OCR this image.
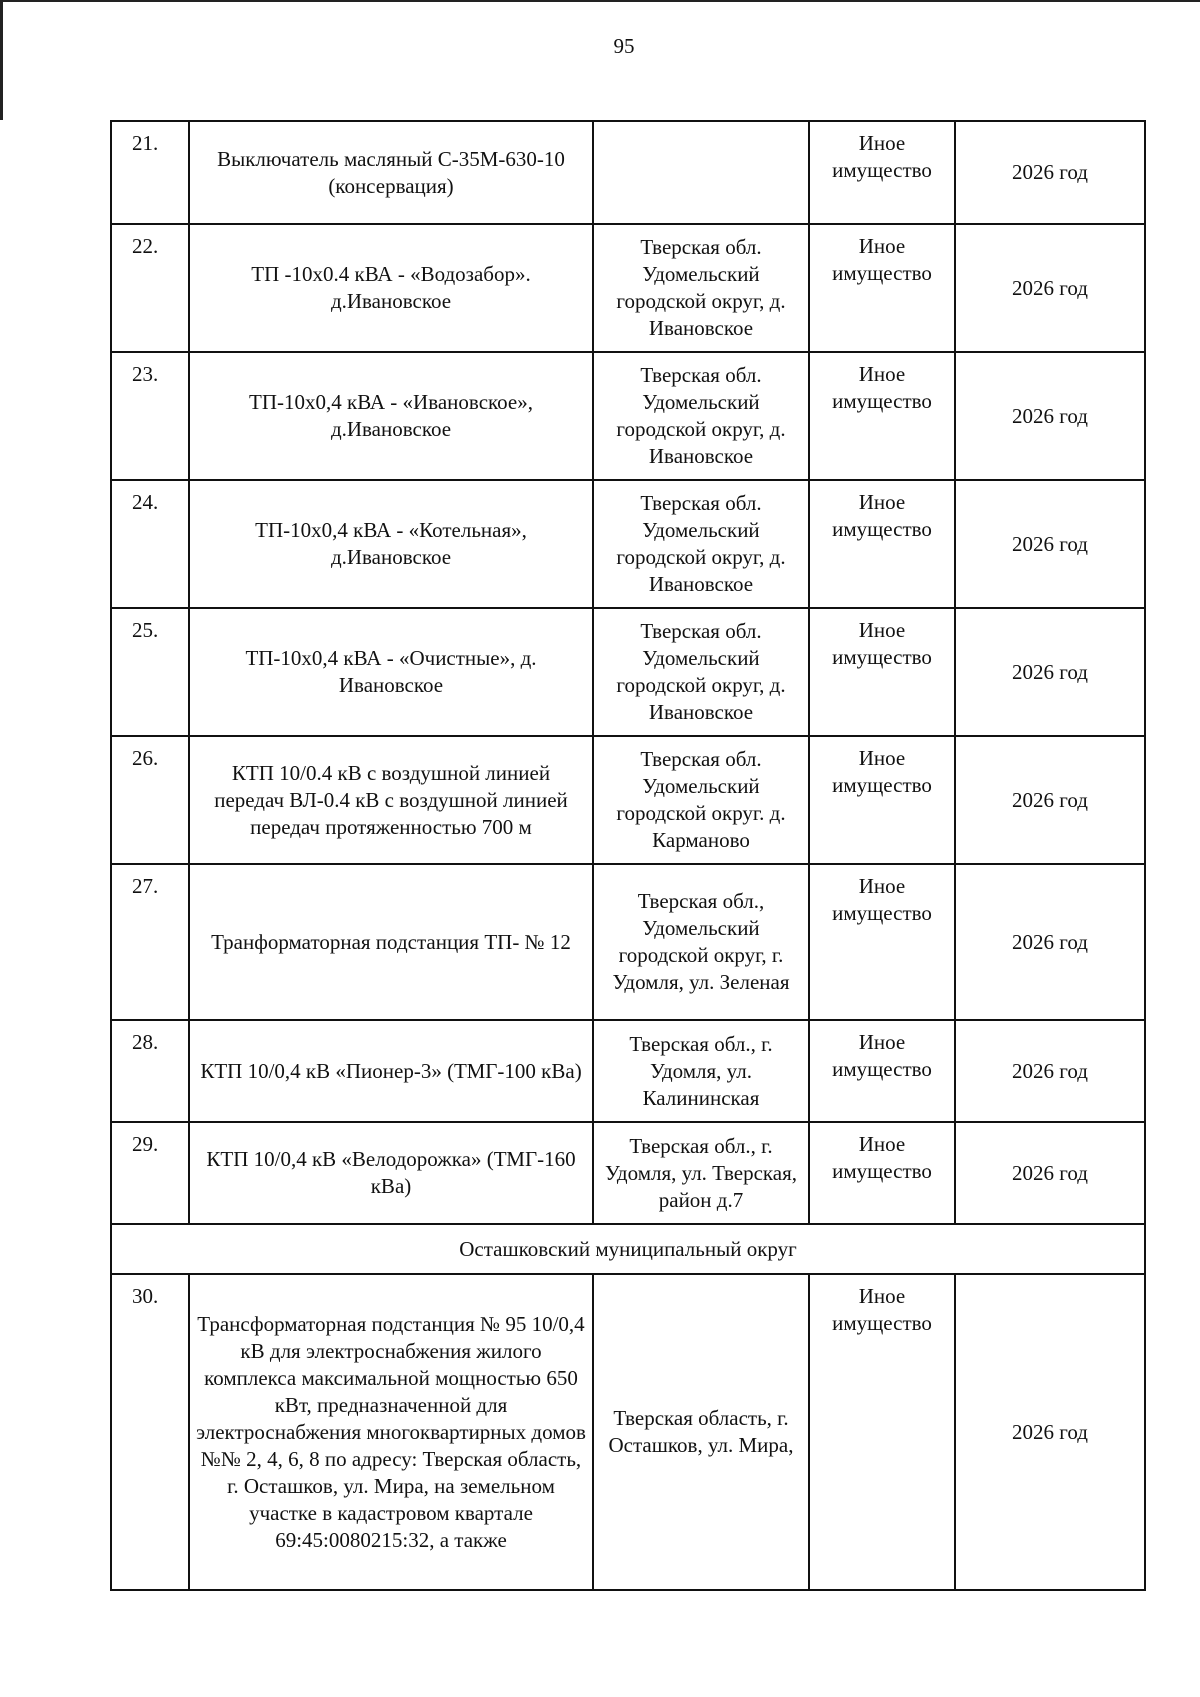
95
21.	Выключатель масляный С-35М-630-10 (консервация)		Иное имущество	2026 год
22.	ТП -10х0.4 кВА - «Водозабор». д.Ивановское	Тверская обл. Удомельский городской округ, д. Ивановское	Иное имущество	2026 год
23.	ТП-10х0,4 кВА - «Ивановское», д.Ивановское	Тверская обл. Удомельский городской округ, д. Ивановское	Иное имущество	2026 год
24.	ТП-10х0,4 кВА - «Котельная», д.Ивановское	Тверская обл. Удомельский городской округ, д. Ивановское	Иное имущество	2026 год
25.	ТП-10х0,4 кВА - «Очистные», д. Ивановское	Тверская обл. Удомельский городской округ, д. Ивановское	Иное имущество	2026 год
26.	КТП 10/0.4 кВ с воздушной линией передач ВЛ-0.4 кВ с воздушной линией передач протяженностью 700 м	Тверская обл. Удомельский городской округ. д. Карманово	Иное имущество	2026 год
27.	Транформаторная подстанция ТП- № 12	Тверская обл., Удомельский городской округ, г. Удомля, ул. Зеленая	Иное имущество	2026 год
28.	КТП 10/0,4 кВ «Пионер-3» (ТМГ-100 кВа)	Тверская обл., г. Удомля, ул. Калининская	Иное имущество	2026 год
29.	КТП 10/0,4 кВ «Велодорожка» (ТМГ-160 кВа)	Тверская обл., г. Удомля, ул. Тверская, район д.7	Иное имущество	2026 год
Осташковский муниципальный округ				
30.	Трансформаторная подстанция № 95 10/0,4 кВ для электроснабжения жилого комплекса максимальной мощностью 650 кВт, предназначенной для электроснабжения многоквартирных домов №№ 2, 4, 6, 8 по адресу: Тверская область, г. Осташков, ул. Мира, на земельном участке в кадастровом квартале 69:45:0080215:32, а также	Тверская область, г. Осташков, ул. Мира,	Иное имущество	2026 год
